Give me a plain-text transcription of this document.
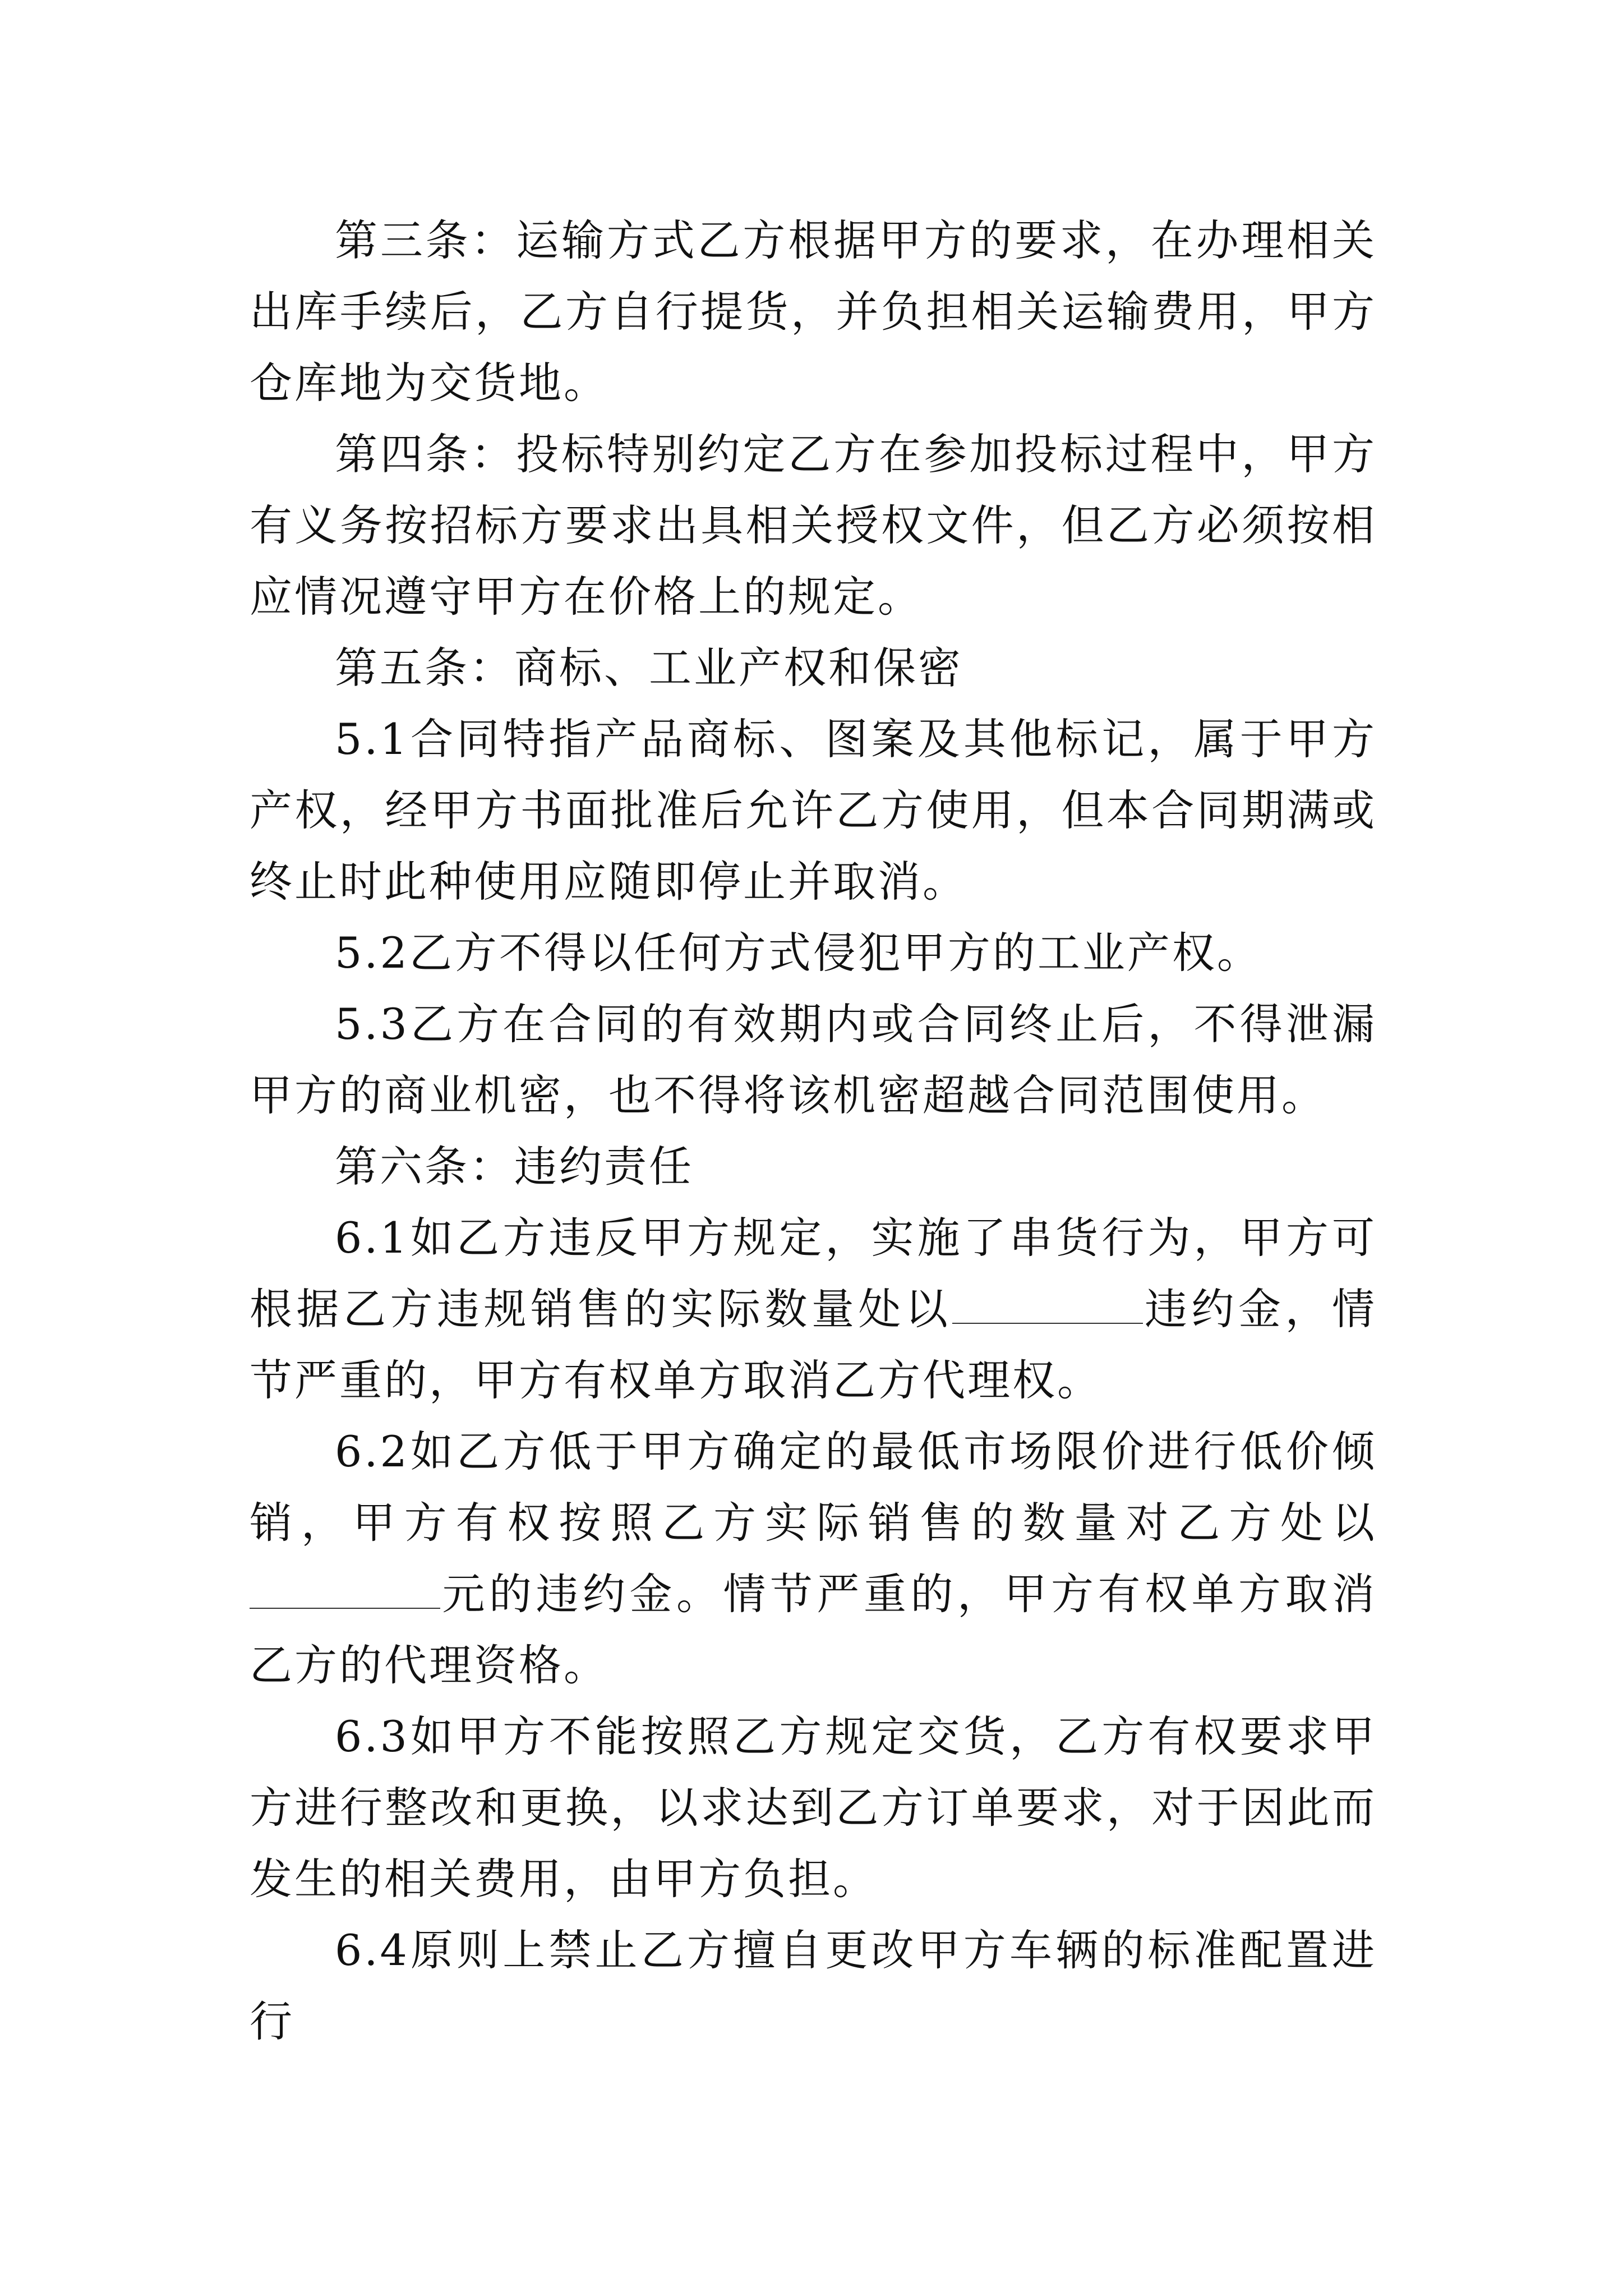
第三条：运输方式乙方根据甲方的要求，在办理相关出库手续后，乙方自行提货，并负担相关运输费用，甲方仓库地为交货地。

第四条：投标特别约定乙方在参加投标过程中，甲方有义务按招标方要求出具相关授权文件，但乙方必须按相应情况遵守甲方在价格上的规定。

第五条：商标、工业产权和保密

5.1合同特指产品商标、图案及其他标记，属于甲方产权，经甲方书面批准后允许乙方使用，但本合同期满或终止时此种使用应随即停止并取消。

5.2乙方不得以任何方式侵犯甲方的工业产权。

5.3乙方在合同的有效期内或合同终止后，不得泄漏甲方的商业机密，也不得将该机密超越合同范围使用。

第六条：违约责任

6.1如乙方违反甲方规定，实施了串货行为，甲方可根据乙方违规销售的实际数量处以	违约金，情节严重的，甲方有权单方取消乙方代理权。

6.2如乙方低于甲方确定的最低市场限价进行低价倾销，甲方有权按照乙方实际销售的数量对乙方处以元的违约金。情节严重的，甲方有权单方取消乙方的代理资格。

6.3如甲方不能按照乙方规定交货，乙方有权要求甲方进行整改和更换，以求达到乙方订单要求，对于因此而发生的相关费用，由甲方负担。

6.4原则上禁止乙方擅自更改甲方车辆的标准配置进行
